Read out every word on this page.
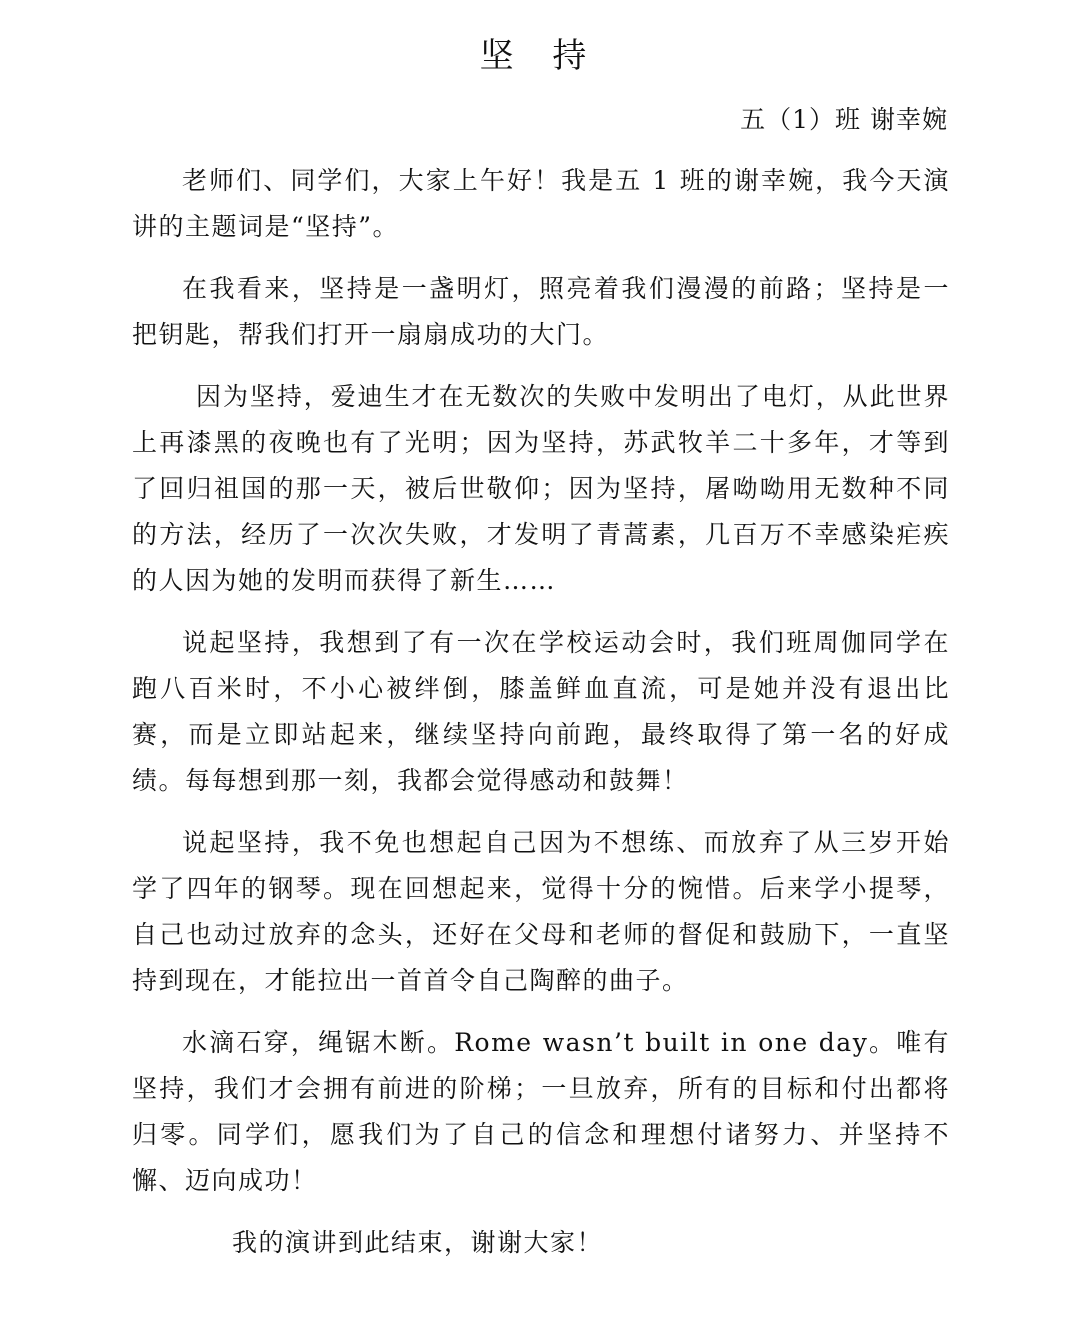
坚 持
五（1）班 谢幸婉

老师们、同学们，大家上午好！我是五 1 班的谢幸婉，我今天演讲的主题词是“坚持”。

在我看来，坚持是一盏明灯，照亮着我们漫漫的前路；坚持是一把钥匙，帮我们打开一扇扇成功的大门。

因为坚持，爱迪生才在无数次的失败中发明出了电灯，从此世界上再漆黑的夜晚也有了光明；因为坚持，苏武牧羊二十多年，才等到了回归祖国的那一天，被后世敬仰；因为坚持，屠呦呦用无数种不同的方法，经历了一次次失败，才发明了青蒿素，几百万不幸感染疟疾的人因为她的发明而获得了新生……

说起坚持，我想到了有一次在学校运动会时，我们班周伽同学在跑八百米时，不小心被绊倒，膝盖鲜血直流，可是她并没有退出比赛，而是立即站起来，继续坚持向前跑，最终取得了第一名的好成绩。每每想到那一刻，我都会觉得感动和鼓舞！

说起坚持，我不免也想起自己因为不想练、而放弃了从三岁开始学了四年的钢琴。现在回想起来，觉得十分的惋惜。后来学小提琴，自己也动过放弃的念头，还好在父母和老师的督促和鼓励下，一直坚持到现在，才能拉出一首首令自己陶醉的曲子。

水滴石穿，绳锯木断。Rome wasn’t built in one day。唯有坚持，我们才会拥有前进的阶梯；一旦放弃，所有的目标和付出都将归零。同学们，愿我们为了自己的信念和理想付诸努力、并坚持不懈、迈向成功！

我的演讲到此结束，谢谢大家！
